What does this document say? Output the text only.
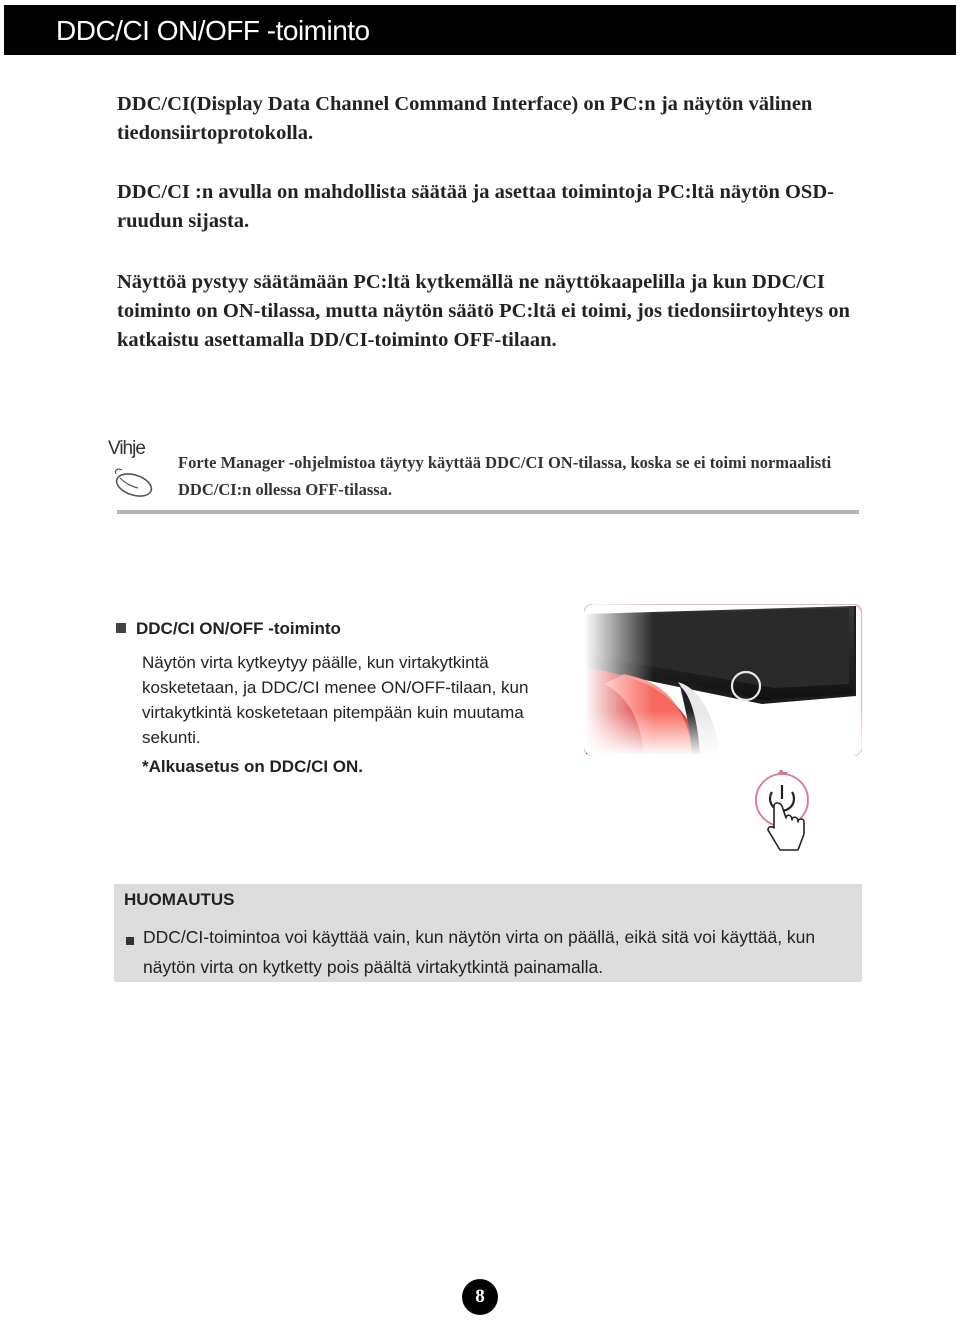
DDC/CI ON/OFF -toiminto

DDC/CI(Display Data Channel Command Interface) on PC:n ja näytön välinen tiedonsiirtoprotokolla.

DDC/CI :n avulla on mahdollista säätää ja asettaa toimintoja PC:ltä näytön OSD-ruudun sijasta.

Näyttöä pystyy säätämään PC:ltä kytkemällä ne näyttökaapelilla ja kun DDC/CI toiminto on ON-tilassa, mutta näytön säätö PC:ltä ei toimi, jos tiedonsiirtoyhteys on katkaistu asettamalla DD/CI-toiminto OFF-tilaan.

Vihje

Forte Manager -ohjelmistoa täytyy käyttää DDC/CI ON-tilassa, koska se ei toimi normaalisti DDC/CI:n ollessa OFF-tilassa.

DDC/CI ON/OFF -toiminto

Näytön virta kytkeytyy päälle, kun virtakytkintä kosketetaan, ja DDC/CI menee ON/OFF-tilaan, kun virtakytkintä kosketetaan pitempään kuin muutama sekunti.

*Alkuasetus on DDC/CI ON.
HUOMAUTUS

DDC/CI-toimintoa voi käyttää vain, kun näytön virta on päällä, eikä sitä voi käyttää, kun näytön virta on kytketty pois päältä virtakytkintä painamalla.

8
